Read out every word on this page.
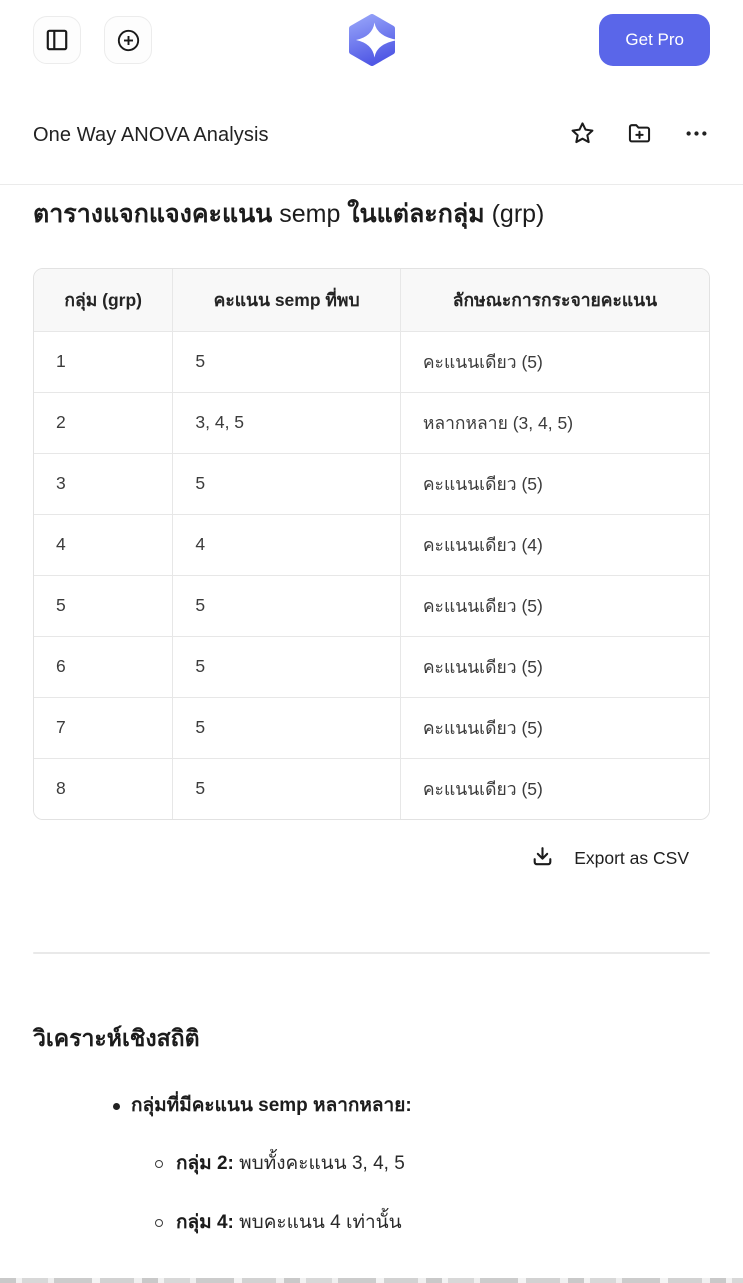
Get Pro
One Way ANOVA Analysis
ตารางแจกแจงคะแนน semp ในแต่ละกลุ่ม (grp)
กลุ่ม (grp)	คะแนน semp ที่พบ	ลักษณะการกระจายคะแนน
1	5	คะแนนเดียว (5)
2	3, 4, 5	หลากหลาย (3, 4, 5)
3	5	คะแนนเดียว (5)
4	4	คะแนนเดียว (4)
5	5	คะแนนเดียว (5)
6	5	คะแนนเดียว (5)
7	5	คะแนนเดียว (5)
8	5	คะแนนเดียว (5)
Export as CSV
วิเคราะห์เชิงสถิติ
กลุ่มที่มีคะแนน semp หลากหลาย:
กลุ่ม 2: พบทั้งคะแนน 3, 4, 5
กลุ่ม 4: พบคะแนน 4 เท่านั้น
